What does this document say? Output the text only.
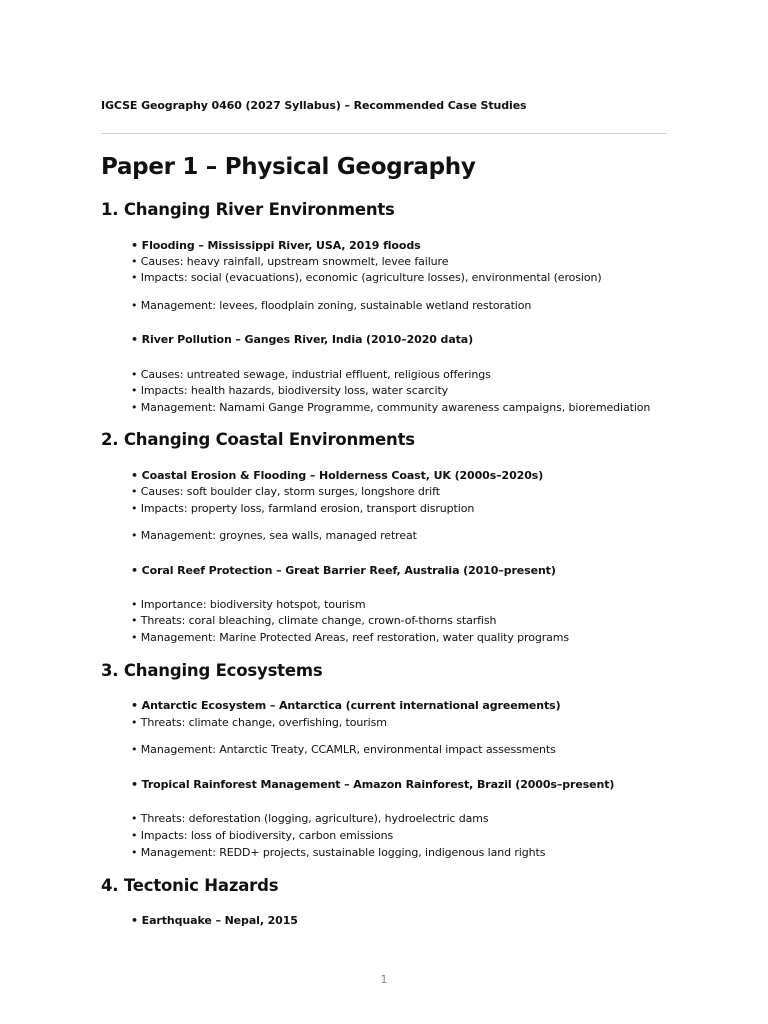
IGCSE Geography 0460 (2027 Syllabus) – Recommended Case Studies
Paper 1 – Physical Geography
1. Changing River Environments
• Flooding – Mississippi River, USA, 2019 floods
• Causes: heavy rainfall, upstream snowmelt, levee failure
• Impacts: social (evacuations), economic (agriculture losses), environmental (erosion)
• Management: levees, floodplain zoning, sustainable wetland restoration
• River Pollution – Ganges River, India (2010–2020 data)
• Causes: untreated sewage, industrial effluent, religious offerings
• Impacts: health hazards, biodiversity loss, water scarcity
• Management: Namami Gange Programme, community awareness campaigns, bioremediation
2. Changing Coastal Environments
• Coastal Erosion & Flooding – Holderness Coast, UK (2000s–2020s)
• Causes: soft boulder clay, storm surges, longshore drift
• Impacts: property loss, farmland erosion, transport disruption
• Management: groynes, sea walls, managed retreat
• Coral Reef Protection – Great Barrier Reef, Australia (2010–present)
• Importance: biodiversity hotspot, tourism
• Threats: coral bleaching, climate change, crown-of-thorns starfish
• Management: Marine Protected Areas, reef restoration, water quality programs
3. Changing Ecosystems
• Antarctic Ecosystem – Antarctica (current international agreements)
• Threats: climate change, overfishing, tourism
• Management: Antarctic Treaty, CCAMLR, environmental impact assessments
• Tropical Rainforest Management – Amazon Rainforest, Brazil (2000s–present)
• Threats: deforestation (logging, agriculture), hydroelectric dams
• Impacts: loss of biodiversity, carbon emissions
• Management: REDD+ projects, sustainable logging, indigenous land rights
4. Tectonic Hazards
• Earthquake – Nepal, 2015
1
